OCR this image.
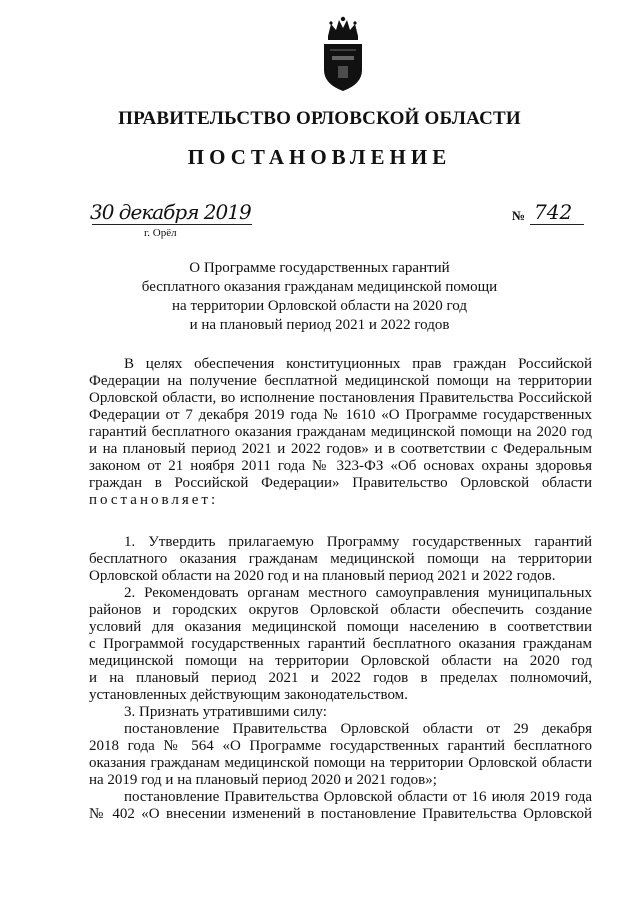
ПРАВИТЕЛЬСТВО ОРЛОВСКОЙ ОБЛАСТИ
ПОСТАНОВЛЕНИЕ
30 декабря 2019
г. Орёл
№ 742
О Программе государственных гарантий
бесплатного оказания гражданам медицинской помощи
на территории Орловской области на 2020 год
и на плановый период 2021 и 2022 годов
В целях обеспечения конституционных прав граждан Российской
Федерации на получение бесплатной медицинской помощи на территории
Орловской области, во исполнение постановления Правительства Российской
Федерации от 7 декабря 2019 года № 1610 «О Программе государственных
гарантий бесплатного оказания гражданам медицинской помощи на 2020 год
и на плановый период 2021 и 2022 годов» и в соответствии с Федеральным
законом от 21 ноября 2011 года № 323-ФЗ «Об основах охраны здоровья
граждан в Российской Федерации» Правительство Орловской области
постановляет:
1. Утвердить прилагаемую Программу государственных гарантий
бесплатного оказания гражданам медицинской помощи на территории
Орловской области на 2020 год и на плановый период 2021 и 2022 годов.
2. Рекомендовать органам местного самоуправления муниципальных
районов и городских округов Орловской области обеспечить создание
условий для оказания медицинской помощи населению в соответствии
с Программой государственных гарантий бесплатного оказания гражданам
медицинской помощи на территории Орловской области на 2020 год
и на плановый период 2021 и 2022 годов в пределах полномочий,
установленных действующим законодательством.
3. Признать утратившими силу:
постановление Правительства Орловской области от 29 декабря
2018 года № 564 «О Программе государственных гарантий бесплатного
оказания гражданам медицинской помощи на территории Орловской области
на 2019 год и на плановый период 2020 и 2021 годов»;
постановление Правительства Орловской области от 16 июля 2019 года
№ 402 «О внесении изменений в постановление Правительства Орловской
